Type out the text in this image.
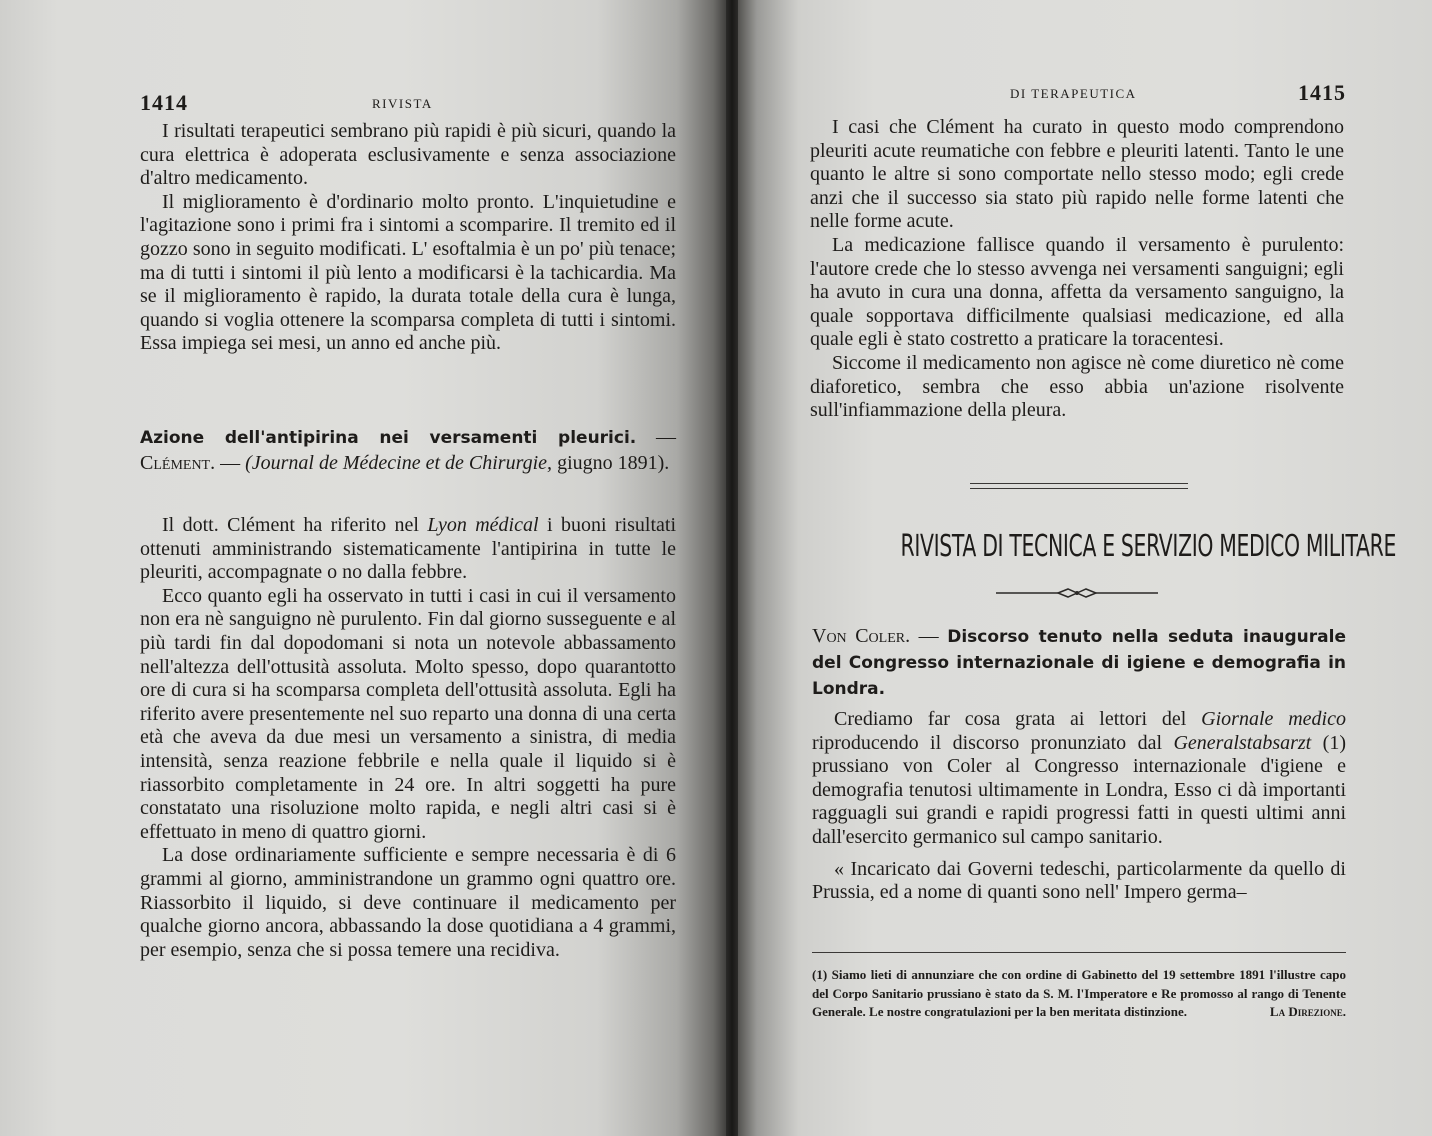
1414	RIVISTA

I risultati terapeutici sembrano più rapidi è più sicuri, quando la cura elettrica è adoperata esclusivamente e senza associazione d'altro medicamento.

Il miglioramento è d'ordinario molto pronto. L'inquietudine e l'agitazione sono i primi fra i sintomi a scomparire. Il tremito ed il gozzo sono in seguito modificati. L' esoftalmia è un po' più tenace; ma di tutti i sintomi il più lento a modificarsi è la tachicardia. Ma se il miglioramento è rapido, la durata totale della cura è lunga, quando si voglia ottenere la scomparsa completa di tutti i sintomi. Essa impiega sei mesi, un anno ed anche più.

Azione dell'antipirina nei versamenti pleurici. — Clément. — (Journal de Médecine et de Chirurgie, giugno 1891).

Il dott. Clément ha riferito nel Lyon médical i buoni risultati ottenuti amministrando sistematicamente l'antipirina in tutte le pleuriti, accompagnate o no dalla febbre.

Ecco quanto egli ha osservato in tutti i casi in cui il versamento non era nè sanguigno nè purulento. Fin dal giorno susseguente e al più tardi fin dal dopodomani si nota un notevole abbassamento nell'altezza dell'ottusità assoluta. Molto spesso, dopo quarantotto ore di cura si ha scomparsa completa dell'ottusità assoluta. Egli ha riferito avere presentemente nel suo reparto una donna di una certa età che aveva da due mesi un versamento a sinistra, di media intensità, senza reazione febbrile e nella quale il liquido si è riassorbito completamente in 24 ore. In altri soggetti ha pure constatato una risoluzione molto rapida, e negli altri casi si è effettuato in meno di quattro giorni.

La dose ordinariamente sufficiente e sempre necessaria è di 6 grammi al giorno, amministrandone un grammo ogni quattro ore. Riassorbito il liquido, si deve continuare il medicamento per qualche giorno ancora, abbassando la dose quotidiana a 4 grammi, per esempio, senza che si possa temere una recidiva.

DI TERAPEUTICA	1415

I casi che Clément ha curato in questo modo comprendono pleuriti acute reumatiche con febbre e pleuriti latenti. Tanto le une quanto le altre si sono comportate nello stesso modo; egli crede anzi che il successo sia stato più rapido nelle forme latenti che nelle forme acute.

La medicazione fallisce quando il versamento è purulento: l'autore crede che lo stesso avvenga nei versamenti sanguigni; egli ha avuto in cura una donna, affetta da versamento sanguigno, la quale sopportava difficilmente qualsiasi medicazione, ed alla quale egli è stato costretto a praticare la toracentesi.

Siccome il medicamento non agisce nè come diuretico nè come diaforetico, sembra che esso abbia un'azione risolvente sull'infiammazione della pleura.

RIVISTA DI TECNICA E SERVIZIO MEDICO MILITARE
Von Coler. — Discorso tenuto nella seduta inaugurale del Congresso internazionale di igiene e demografia in Londra.

Crediamo far cosa grata ai lettori del Giornale medico riproducendo il discorso pronunziato dal Generalstabsarzt (1) prussiano von Coler al Congresso internazionale d'igiene e demografia tenutosi ultimamente in Londra, Esso ci dà importanti ragguagli sui grandi e rapidi progressi fatti in questi ultimi anni dall'esercito germanico sul campo sanitario.

« Incaricato dai Governi tedeschi, particolarmente da quello di Prussia, ed a nome di quanti sono nell' Impero germa–

(1) Siamo lieti di annunziare che con ordine di Gabinetto del 19 settembre 1891 l'illustre capo del Corpo Sanitario prussiano è stato da S. M. l'Imperatore e Re promosso al rango di Tenente Generale. Le nostre congratulazioni per la ben meritata distinzione.	La Direzione.
